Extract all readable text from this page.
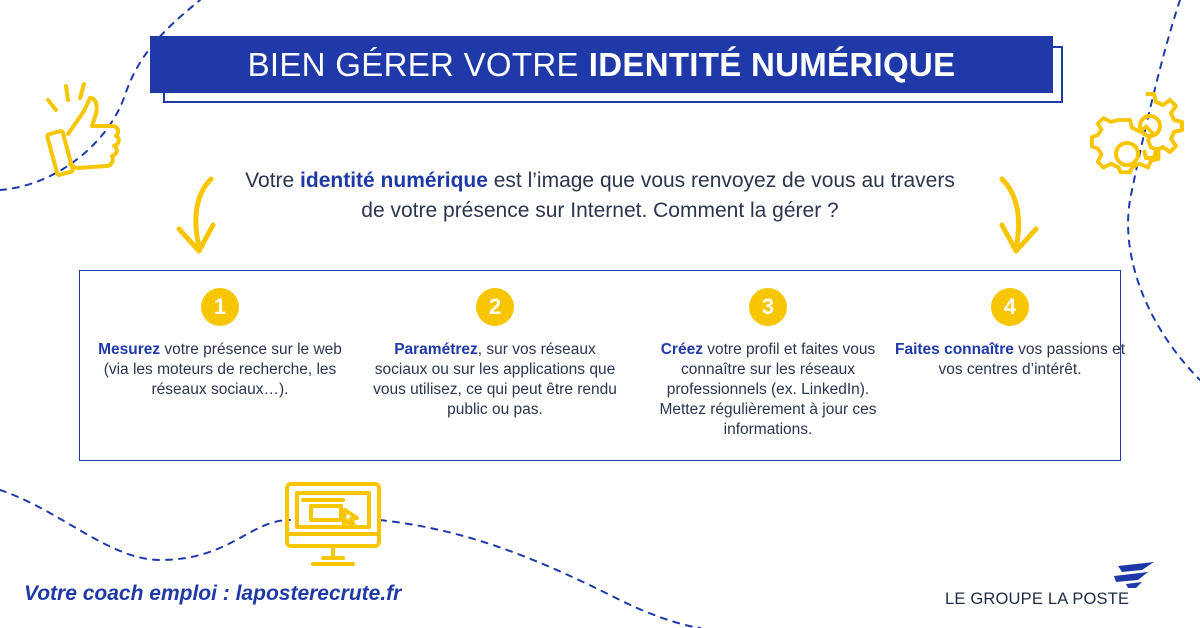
BIEN GÉRER VOTRE IDENTITÉ NUMÉRIQUE
Votre identité numérique est l’image que vous renvoyez de vous au travers de votre présence sur Internet. Comment la gérer ?
1
Mesurez votre présence sur le web (via les moteurs de recherche, les réseaux sociaux…).
2
Paramétrez, sur vos réseaux sociaux ou sur les applications que vous utilisez, ce qui peut être rendu public ou pas.
3
Créez votre profil et faites vous connaître sur les réseaux professionnels (ex. LinkedIn). Mettez régulièrement à jour ces informations.
4
Faites connaître vos passions et vos centres d’intérêt.
Votre coach emploi : laposterecrute.fr	LE GROUPE LA POSTE
